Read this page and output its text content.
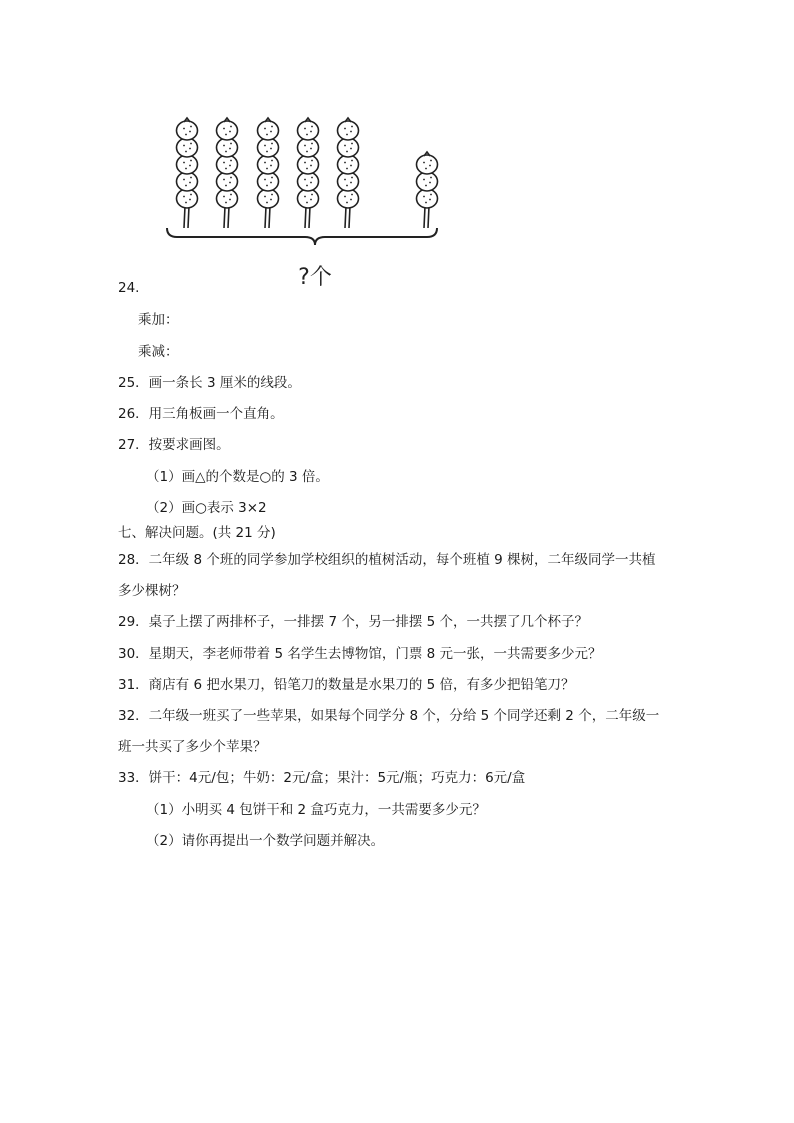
?个
24.
乘加：
乘减：
25．画一条长 3 厘米的线段。
26．用三角板画一个直角。
27．按要求画图。
（1）画△的个数是○的 3 倍。
（2）画○表示 3×2
七、解决问题。(共 21 分)
28．二年级 8 个班的同学参加学校组织的植树活动，每个班植 9 棵树，二年级同学一共植
多少棵树？
29．桌子上摆了两排杯子，一排摆 7 个，另一排摆 5 个，一共摆了几个杯子？
30．星期天，李老师带着 5 名学生去博物馆，门票 8 元一张，一共需要多少元？
31．商店有 6 把水果刀，铅笔刀的数量是水果刀的 5 倍，有多少把铅笔刀？
32．二年级一班买了一些苹果，如果每个同学分 8 个，分给 5 个同学还剩 2 个，二年级一
班一共买了多少个苹果？
33．饼干：4元/包；牛奶：2元/盒；果汁：5元/瓶；巧克力：6元/盒
（1）小明买 4 包饼干和 2 盒巧克力，一共需要多少元？
（2）请你再提出一个数学问题并解决。
